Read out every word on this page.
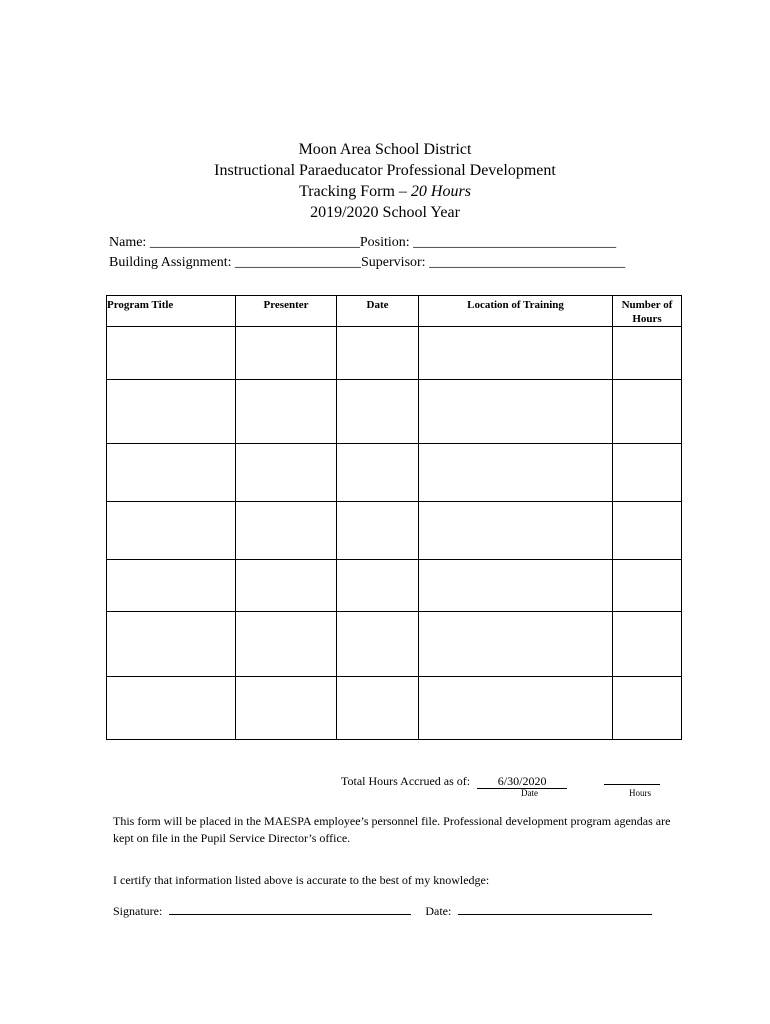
Moon Area School District
Instructional Paraeducator Professional Development
Tracking Form – 20 Hours
2019/2020 School Year
Name: ______________________________Position: _____________________________
Building Assignment: __________________Supervisor: ____________________________
Program Title	Presenter	Date	Location of Training	Number of Hours

Total Hours Accrued as of: 6/30/2020
Date	Hours
This form will be placed in the MAESPA employee’s personnel file. Professional development program agendas are kept on file in the Pupil Service Director’s office.
I certify that information listed above is accurate to the best of my knowledge:
Signature:	Date:
